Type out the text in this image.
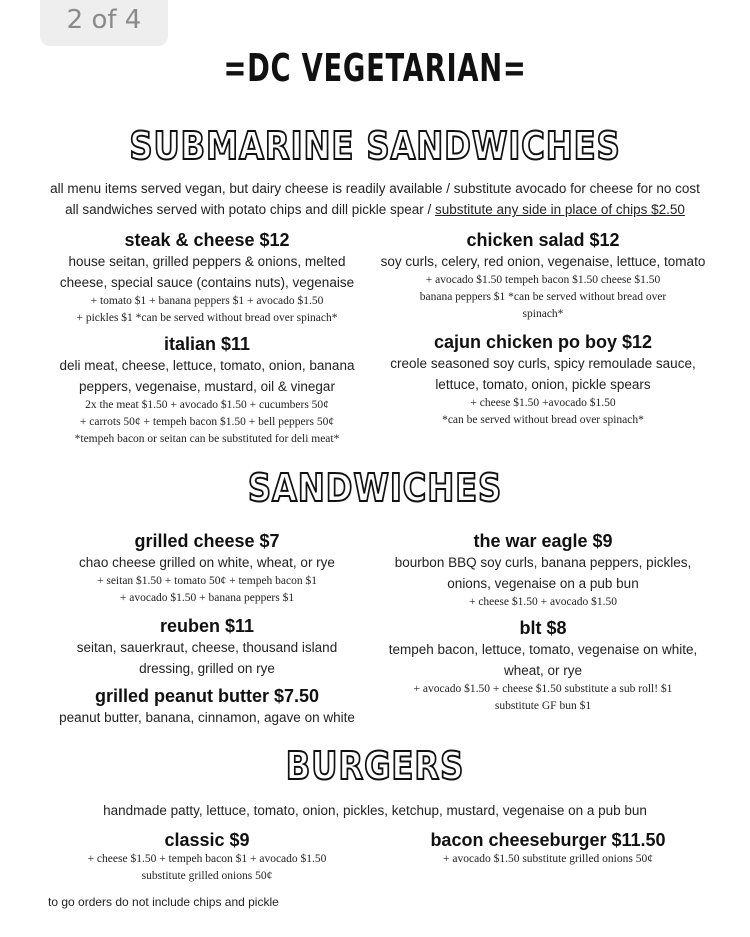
2 of 4
=DC VEGETARIAN=
SUBMARINE SANDWICHES
all menu items served vegan, but dairy cheese is readily available / substitute avocado for cheese for no cost
all sandwiches served with potato chips and dill pickle spear / substitute any side in place of chips $2.50
steak & cheese $12
house seitan, grilled peppers & onions, melted
cheese, special sauce (contains nuts), vegenaise
+ tomato $1 + banana peppers $1 + avocado $1.50
+ pickles $1 *can be served without bread over spinach*
chicken salad $12
soy curls, celery, red onion, vegenaise, lettuce, tomato
+ avocado $1.50 tempeh bacon $1.50 cheese $1.50
banana peppers $1 *can be served without bread over
spinach*
italian $11
deli meat, cheese, lettuce, tomato, onion, banana
peppers, vegenaise, mustard, oil & vinegar
2x the meat $1.50 + avocado $1.50 + cucumbers 50¢
+ carrots 50¢ + tempeh bacon $1.50 + bell peppers 50¢
*tempeh bacon or seitan can be substituted for deli meat*
cajun chicken po boy $12
creole seasoned soy curls, spicy remoulade sauce,
lettuce, tomato, onion, pickle spears
+ cheese $1.50 +avocado $1.50
*can be served without bread over spinach*
SANDWICHES
grilled cheese $7
chao cheese grilled on white, wheat, or rye
+ seitan $1.50 + tomato 50¢ + tempeh bacon $1
+ avocado $1.50 + banana peppers $1
the war eagle $9
bourbon BBQ soy curls, banana peppers, pickles,
onions, vegenaise on a pub bun
+ cheese $1.50 + avocado $1.50
reuben $11
seitan, sauerkraut, cheese, thousand island
dressing, grilled on rye
blt $8
tempeh bacon, lettuce, tomato, vegenaise on white,
wheat, or rye
+ avocado $1.50 + cheese $1.50 substitute a sub roll! $1
substitute GF bun $1
grilled peanut butter $7.50
peanut butter, banana, cinnamon, agave on white
BURGERS
handmade patty, lettuce, tomato, onion, pickles, ketchup, mustard, vegenaise on a pub bun
classic $9
+ cheese $1.50 + tempeh bacon $1 + avocado $1.50
substitute grilled onions 50¢
bacon cheeseburger $11.50
+ avocado $1.50 substitute grilled onions 50¢
to go orders do not include chips and pickle
